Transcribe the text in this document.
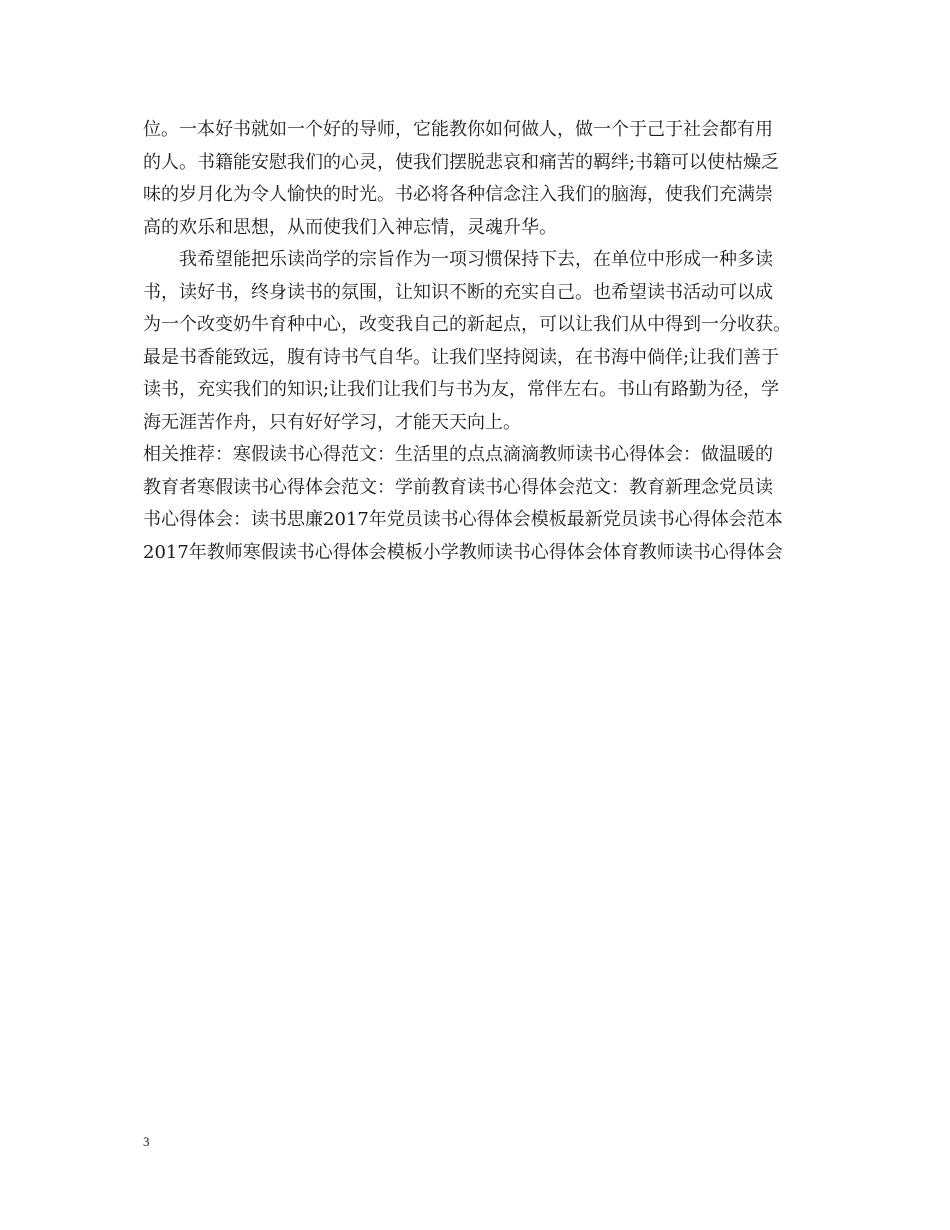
位。一本好书就如一个好的导师，它能教你如何做人，做一个于己于社会都有用
的人。书籍能安慰我们的心灵，使我们摆脱悲哀和痛苦的羁绊;书籍可以使枯燥乏
味的岁月化为令人愉快的时光。书必将各种信念注入我们的脑海，使我们充满崇
高的欢乐和思想，从而使我们入神忘情，灵魂升华。
我希望能把乐读尚学的宗旨作为一项习惯保持下去，在单位中形成一种多读
书，读好书，终身读书的氛围，让知识不断的充实自己。也希望读书活动可以成
为一个改变奶牛育种中心，改变我自己的新起点，可以让我们从中得到一分收获。
最是书香能致远，腹有诗书气自华。让我们坚持阅读，在书海中倘佯;让我们善于
读书，充实我们的知识;让我们让我们与书为友，常伴左右。书山有路勤为径，学
海无涯苦作舟，只有好好学习，才能天天向上。
相关推荐：寒假读书心得范文：生活里的点点滴滴教师读书心得体会：做温暖的
教育者寒假读书心得体会范文：学前教育读书心得体会范文：教育新理念党员读
书心得体会：读书思廉2017年党员读书心得体会模板最新党员读书心得体会范本
2017年教师寒假读书心得体会模板小学教师读书心得体会体育教师读书心得体会
3
